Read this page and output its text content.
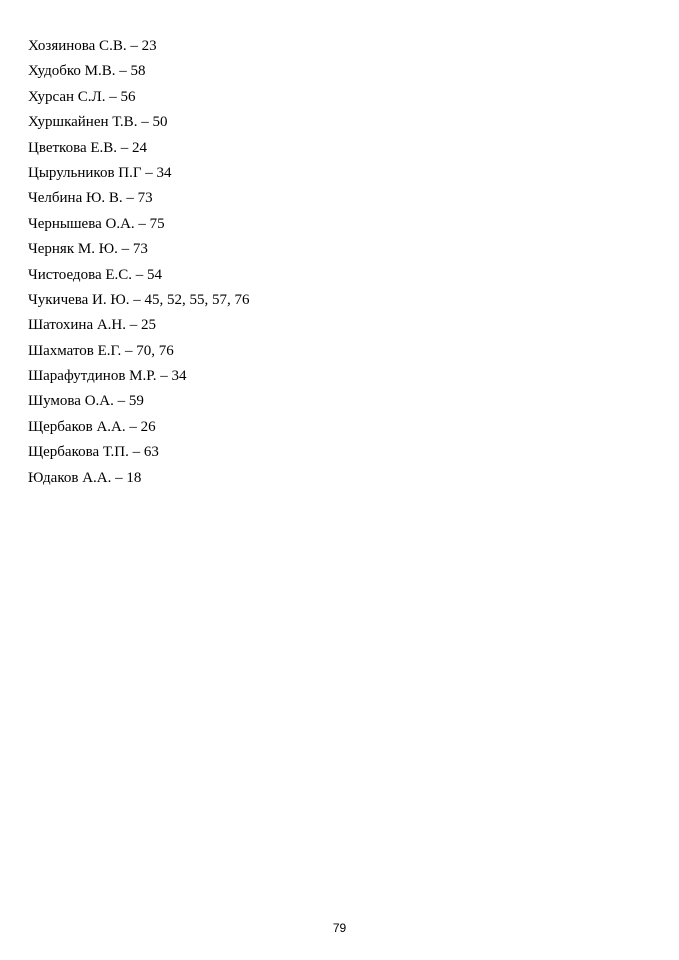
Хозяинова С.В. – 23
Худобко М.В. – 58
Хурсан С.Л. – 56
Хуршкайнен Т.В. – 50
Цветкова Е.В. – 24
Цырульников П.Г – 34
Челбина Ю. В. – 73
Чернышева О.А. – 75
Черняк М. Ю. – 73
Чистоедова Е.С. – 54
Чукичева И. Ю. – 45, 52, 55, 57, 76
Шатохина А.Н. – 25
Шахматов Е.Г. – 70, 76
Шарафутдинов М.Р. – 34
Шумова О.А. – 59
Щербаков А.А. – 26
Щербакова Т.П. – 63
Юдаков А.А. – 18
79
